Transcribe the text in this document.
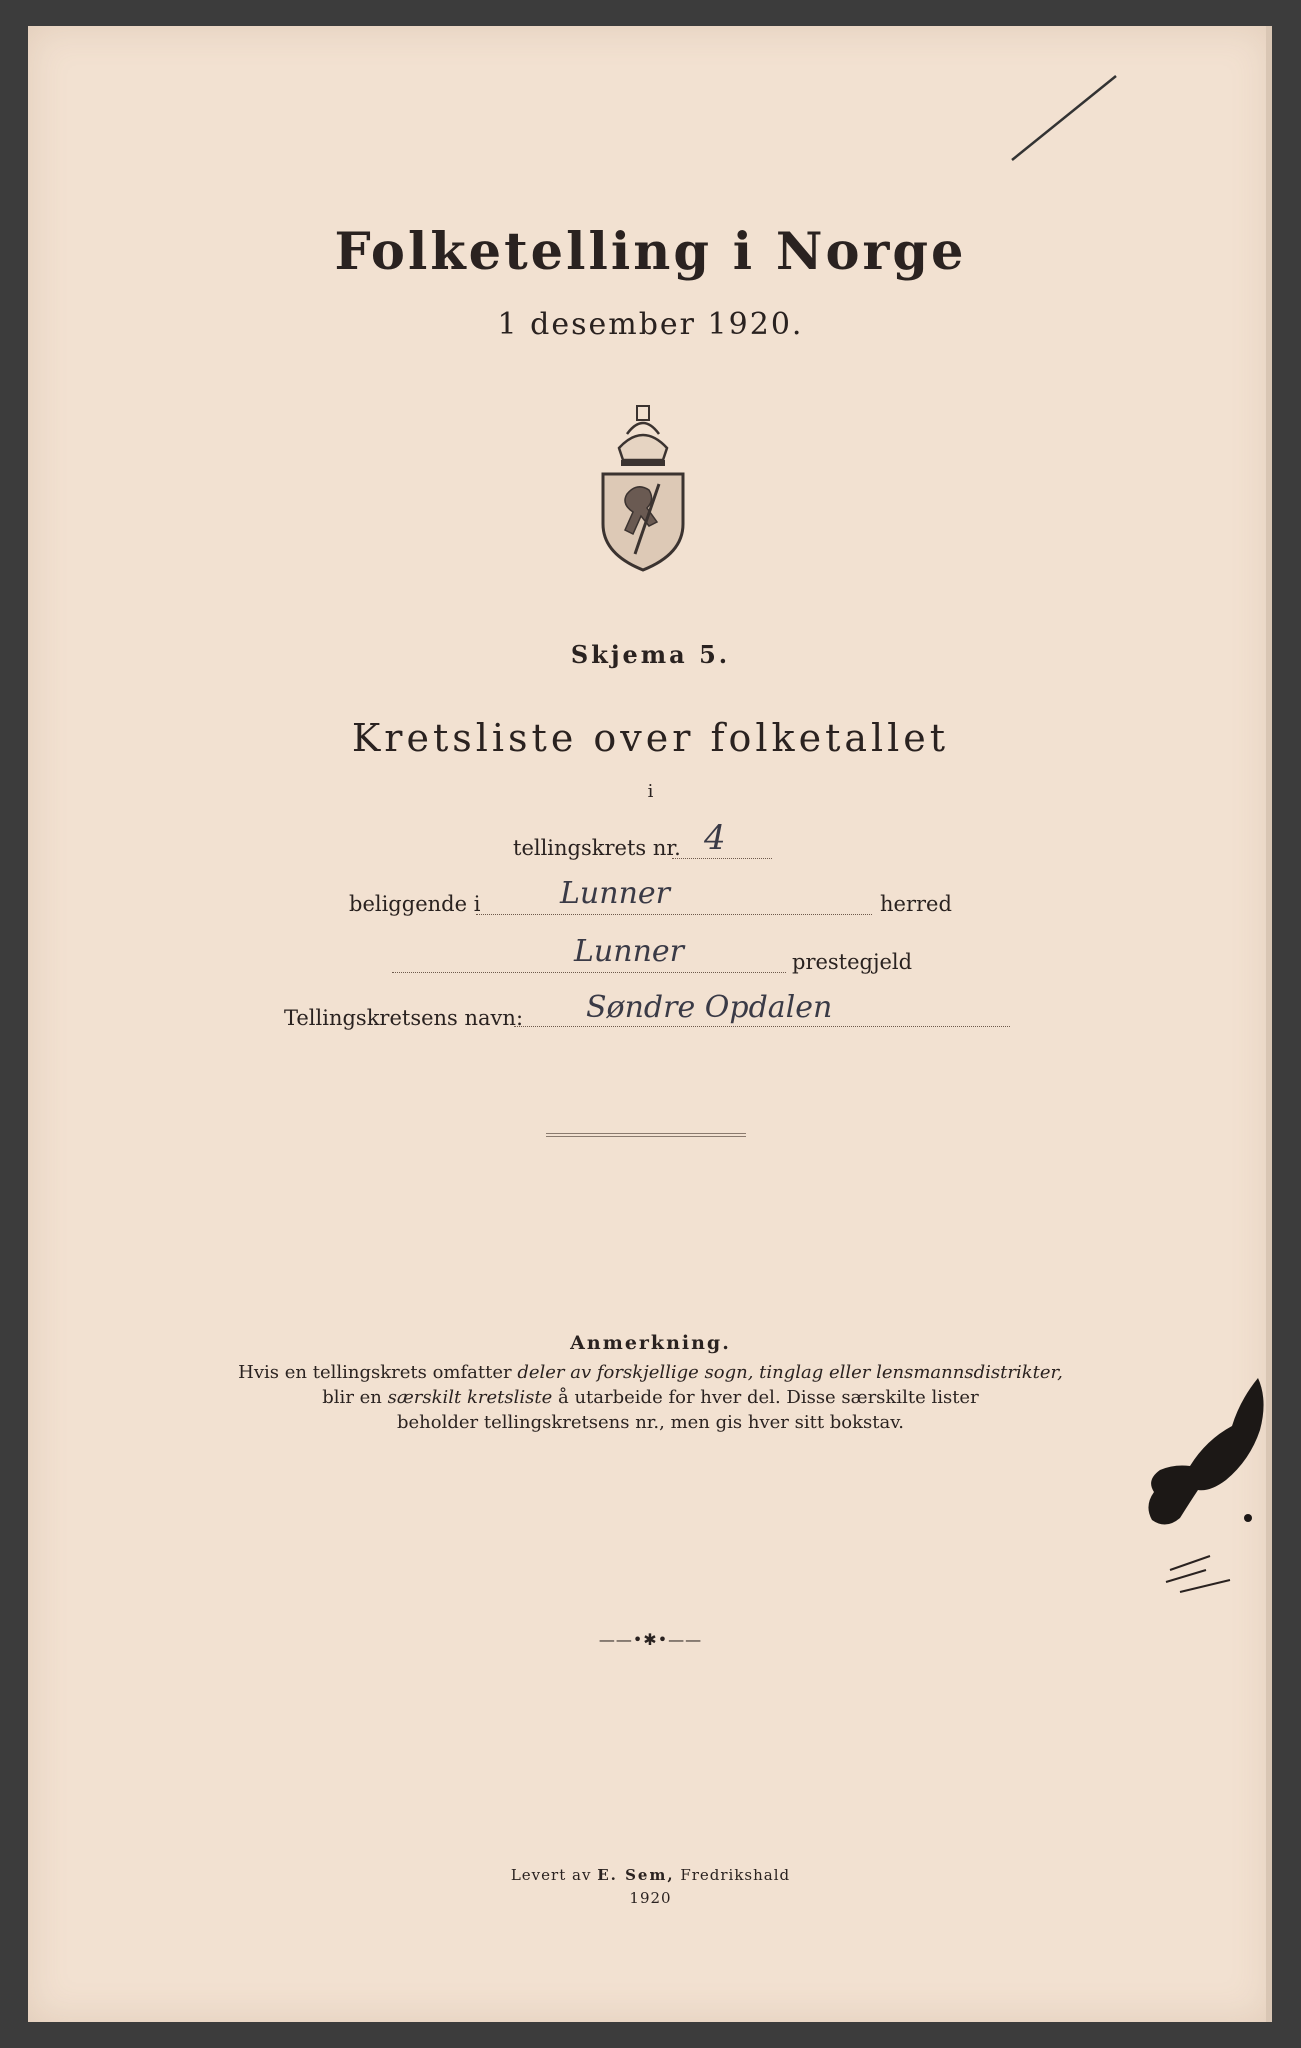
Folketelling i Norge

1 desember 1920.

Skjema 5.

Kretsliste over folketallet

i

tellingskrets nr. 4
beliggende i	Lunner	herred
Lunner	prestegjeld
Tellingskretsens navn: Søndre Opdalen

Anmerkning.

Hvis en tellingskrets omfatter deler av forskjellige sogn, tinglag eller lensmannsdistrikter,

blir en særskilt kretsliste å utarbeide for hver del. Disse særskilte lister

beholder tellingskretsens nr., men gis hver sitt bokstav.

——•✱•——

Levert av E. Sem, Fredrikshald

1920
